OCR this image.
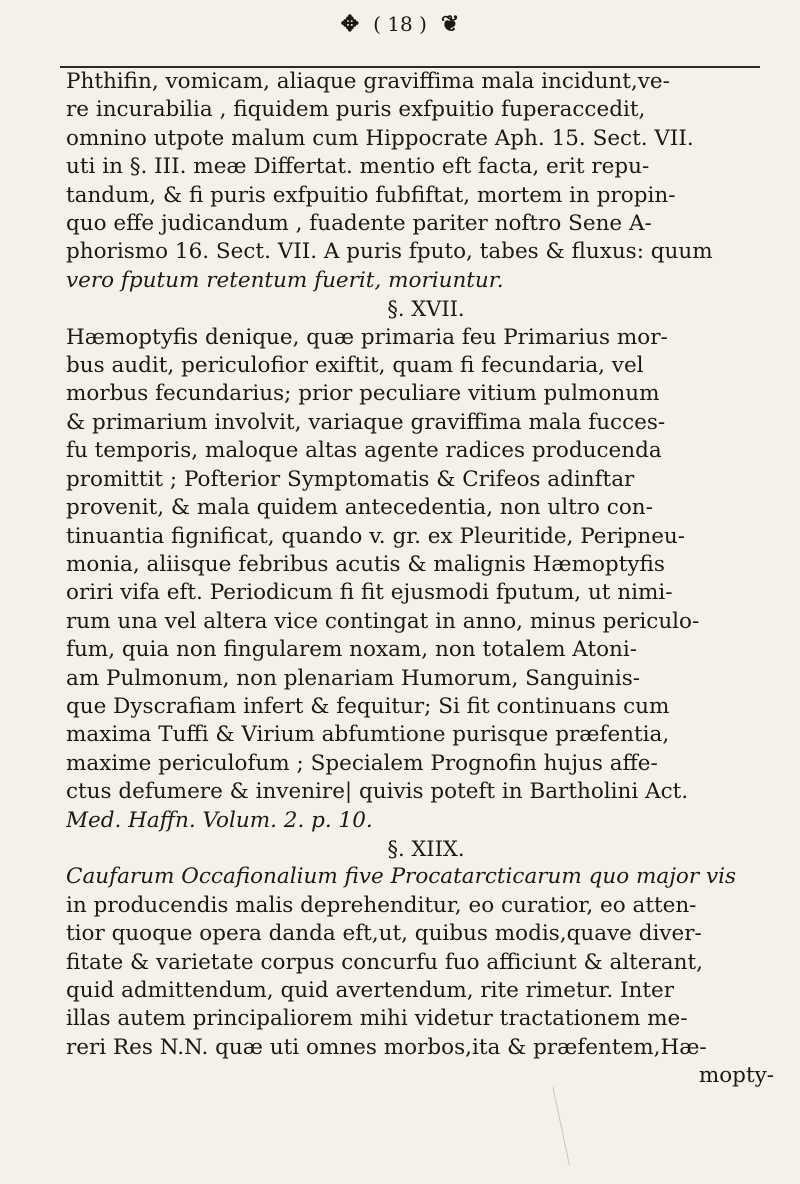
✥ ( 18 ) ❦
Phthifin, vomicam, aliaque graviffima mala incidunt,ve-
re incurabilia , fiquidem puris exfpuitio fuperaccedit,
omnino utpote malum cum Hippocrate Aph. 15. Sect. VII.
uti in §. III. meæ Differtat. mentio eft facta, erit repu-
tandum, & fi puris exfpuitio fubfiftat, mortem in propin-
quo effe judicandum , fuadente pariter noftro Sene A-
phorismo 16. Sect. VII. A puris fputo, tabes & fluxus: quum
vero fputum retentum fuerit, moriuntur.
§. XVII.
Hæmoptyfis denique, quæ primaria feu Primarius mor-
bus audit, periculofior exiftit, quam fi fecundaria, vel
morbus fecundarius; prior peculiare vitium pulmonum
& primarium involvit, variaque graviffima mala fucces-
fu temporis, maloque altas agente radices producenda
promittit ; Pofterior Symptomatis & Crifeos adinftar
provenit, & mala quidem antecedentia, non ultro con-
tinuantia fignificat, quando v. gr. ex Pleuritide, Peripneu-
monia, aliisque febribus acutis & malignis Hæmoptyfis
oriri vifa eft. Periodicum fi fit ejusmodi fputum, ut nimi-
rum una vel altera vice contingat in anno, minus periculo-
fum, quia non fingularem noxam, non totalem Atoni-
am Pulmonum, non plenariam Humorum, Sanguinis-
que Dyscrafiam infert & fequitur; Si fit continuans cum
maxima Tuffi & Virium abfumtione purisque præfentia,
maxime periculofum ; Specialem Prognofin hujus affe-
ctus defumere & invenire| quivis poteft in Bartholini Act.
Med. Haffn. Volum. 2. p. 10.
§. XIIX.
Caufarum Occafionalium five Procatarcticarum quo major vis
in producendis malis deprehenditur, eo curatior, eo atten-
tior quoque opera danda eft,ut, quibus modis,quave diver-
fitate & varietate corpus concurfu fuo afficiunt & alterant,
quid admittendum, quid avertendum, rite rimetur. Inter
illas autem principaliorem mihi videtur tractationem me-
reri Res N.N. quæ uti omnes morbos,ita & præfentem,Hæ-
mopty-
